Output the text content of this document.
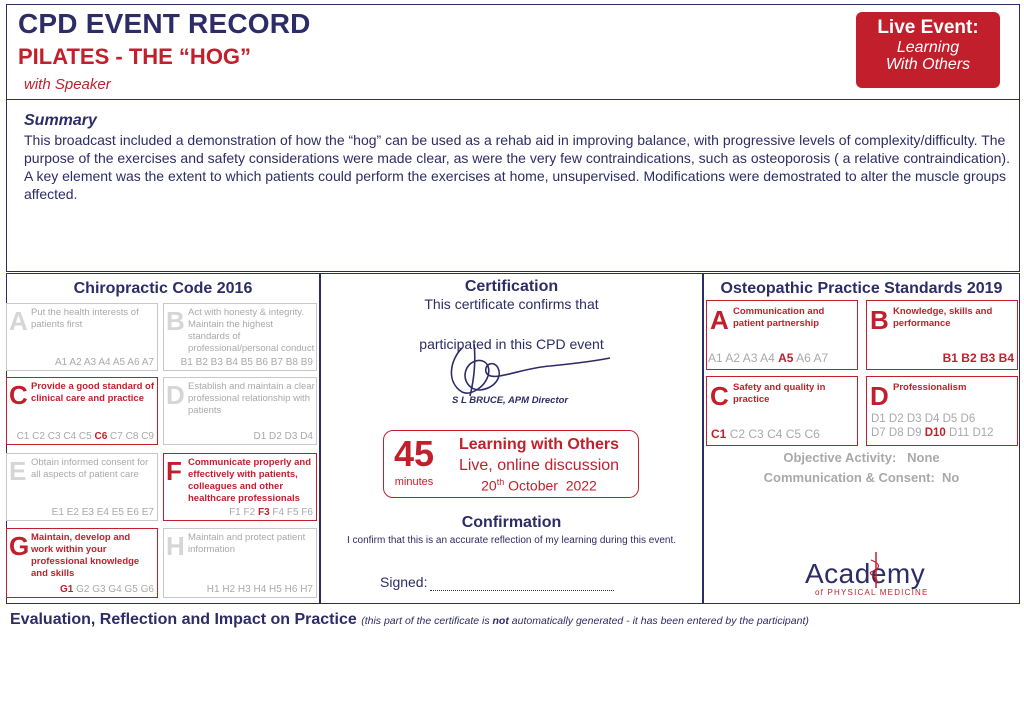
CPD EVENT RECORD
PILATES - THE “HOG”
with Speaker
Live Event:
Learning
With Others
Summary
This broadcast included a demonstration of how the “hog” can be used as a rehab aid in improving balance, with progressive levels of complexity/difficulty. The purpose of the exercises and safety considerations were made clear, as were the very few contraindications, such as osteoporosis ( a relative contraindication). A key element was the extent to which patients could perform the exercises at home, unsupervised. Modifications were demostrated to alter the muscle groups affected.
Chiropractic Code 2016
A Put the health interests of patients first
A1 A2 A3 A4 A5 A6 A7
B Act with honesty & integrity. Maintain the highest standards of professional/personal conduct
B1 B2 B3 B4 B5 B6 B7 B8 B9
C Provide a good standard of clinical care and practice
C1 C2 C3 C4 C5 C6 C7 C8 C9
D Establish and maintain a clear professional relationship with patients
D1 D2 D3 D4
E Obtain informed consent for all aspects of patient care
E1 E2 E3 E4 E5 E6 E7
F Communicate properly and effectively with patients, colleagues and other healthcare professionals
F1 F2 F3 F4 F5 F6
G Maintain, develop and work within your professional knowledge and skills
G1 G2 G3 G4 G5 G6
H Maintain and protect patient information
H1 H2 H3 H4 H5 H6 H7
Certification
This certificate confirms that
participated in this CPD event
S L BRUCE, APM Director
45
minutes
Learning with Others
Live, online discussion
20th October  2022
Confirmation
I confirm that this is an accurate reflection of my learning during this event.
Signed:
Osteopathic Practice Standards 2019
A Communication and patient partnership
A1 A2 A3 A4 A5 A6 A7
B Knowledge, skills and performance
B1 B2 B3 B4
C Safety and quality in practice
C1 C2 C3 C4 C5 C6
D Professionalism
D1 D2 D3 D4 D5 D6
D7 D8 D9 D10 D11 D12
Objective Activity:   None
Communication & Consent:  No
Academy
of PHYSICAL MEDICINE
Evaluation, Reflection and Impact on Practice (this part of the certificate is not automatically generated - it has been entered by the participant)
